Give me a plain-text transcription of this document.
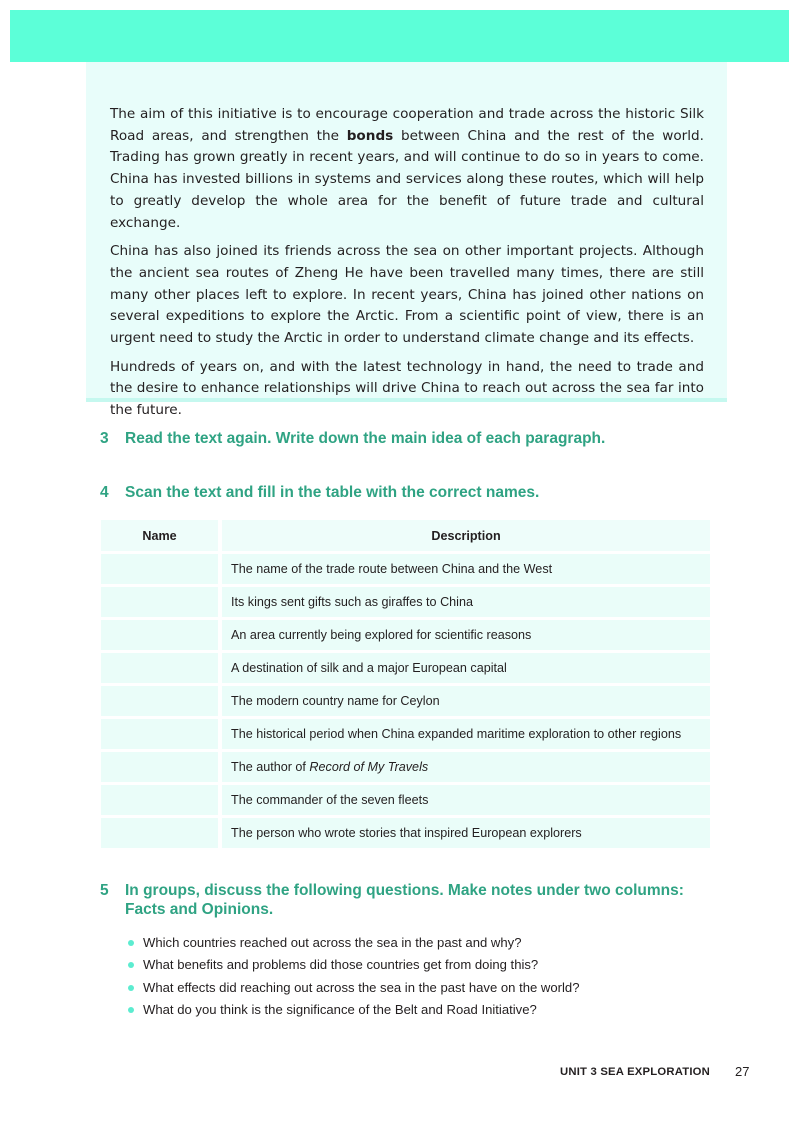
The aim of this initiative is to encourage cooperation and trade across the historic Silk Road areas, and strengthen the bonds between China and the rest of the world. Trading has grown greatly in recent years, and will continue to do so in years to come. China has invested billions in systems and services along these routes, which will help to greatly develop the whole area for the benefit of future trade and cultural exchange.

China has also joined its friends across the sea on other important projects. Although the ancient sea routes of Zheng He have been travelled many times, there are still many other places left to explore. In recent years, China has joined other nations on several expeditions to explore the Arctic. From a scientific point of view, there is an urgent need to study the Arctic in order to understand climate change and its effects.

Hundreds of years on, and with the latest technology in hand, the need to trade and the desire to enhance relationships will drive China to reach out across the sea far into the future.

3 Read the text again. Write down the main idea of each paragraph.
4 Scan the text and fill in the table with the correct names.
Name	Description
	The name of the trade route between China and the West
	Its kings sent gifts such as giraffes to China
	An area currently being explored for scientific reasons
	A destination of silk and a major European capital
	The modern country name for Ceylon
	The historical period when China expanded maritime exploration to other regions
	The author of Record of My Travels
	The commander of the seven fleets
	The person who wrote stories that inspired European explorers
5 In groups, discuss the following questions. Make notes under two columns: Facts and Opinions.
Which countries reached out across the sea in the past and why?
What benefits and problems did those countries get from doing this?
What effects did reaching out across the sea in the past have on the world?
What do you think is the significance of the Belt and Road Initiative?
UNIT 3 SEA EXPLORATION 27
